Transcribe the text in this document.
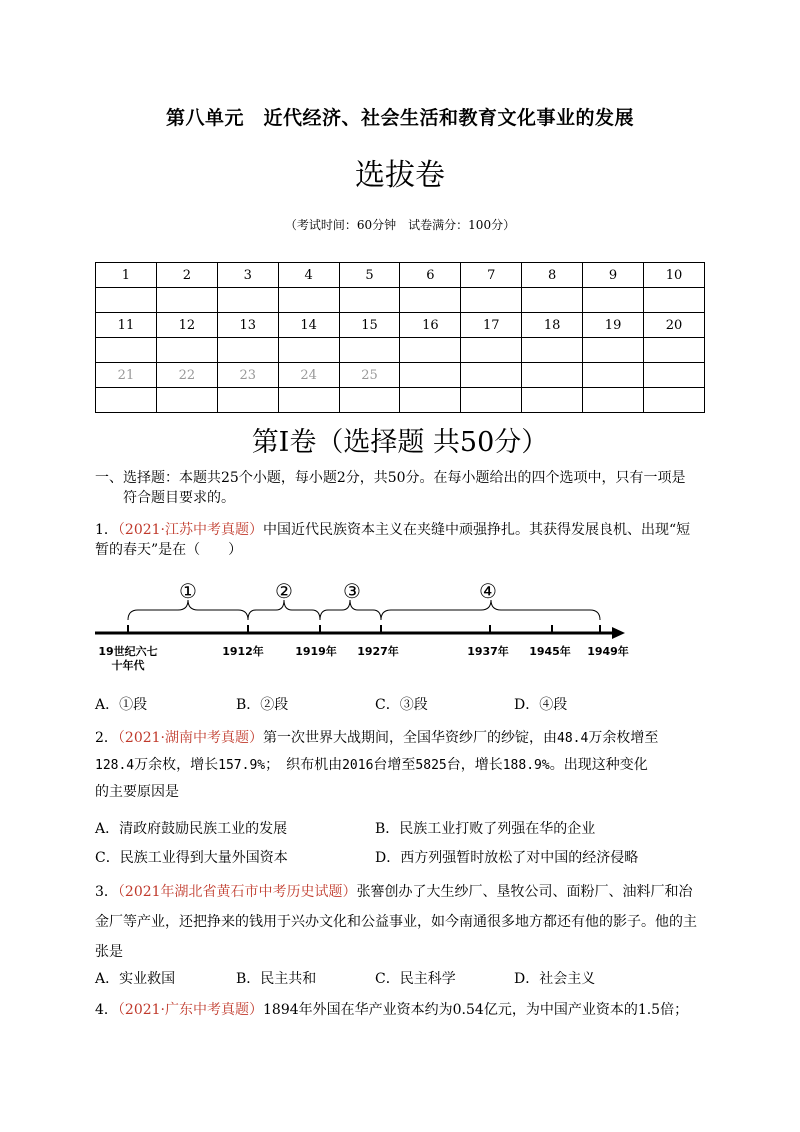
第八单元　近代经济、社会生活和教育文化事业的发展
选拔卷
（考试时间：60分钟　试卷满分：100分）
1	2	3	4	5	6	7	8	9	10

11	12	13	14	15	16	17	18	19	20

21	22	23	24	25					

第Ⅰ卷（选择题 共50分）
一、选择题：本题共25个小题，每小题2分，共50分。在每小题给出的四个选项中，只有一项是
符合题目要求的。
1．（2021·江苏中考真题）中国近代民族资本主义在夹缝中顽强挣扎。其获得发展良机、出现“短
暂的春天”是在（　　）
①	②	③	④
19世纪六七
十年代
1912年	1919年 1927年	1937年 1945年 1949年
A．①段	B．②段	C．③段	D．④段
2．（2021·湖南中考真题）第一次世界大战期间，全国华资纱厂的纱锭，由48.4万余枚增至
128.4万余枚，增长157.9%；　织布机由2016台增至5825台，增长188.9%。出现这种变化
的主要原因是
A．清政府鼓励民族工业的发展	B．民族工业打败了列强在华的企业
C．民族工业得到大量外国资本	D．西方列强暂时放松了对中国的经济侵略
3．（2021年湖北省黄石市中考历史试题）张謇创办了大生纱厂、垦牧公司、面粉厂、油料厂和冶
金厂等产业，还把挣来的钱用于兴办文化和公益事业，如今南通很多地方都还有他的影子。他的主
张是
A．实业救国	B．民主共和	C．民主科学	D．社会主义
4．（2021·广东中考真题）1894年外国在华产业资本约为0.54亿元，为中国产业资本的1.5倍；
